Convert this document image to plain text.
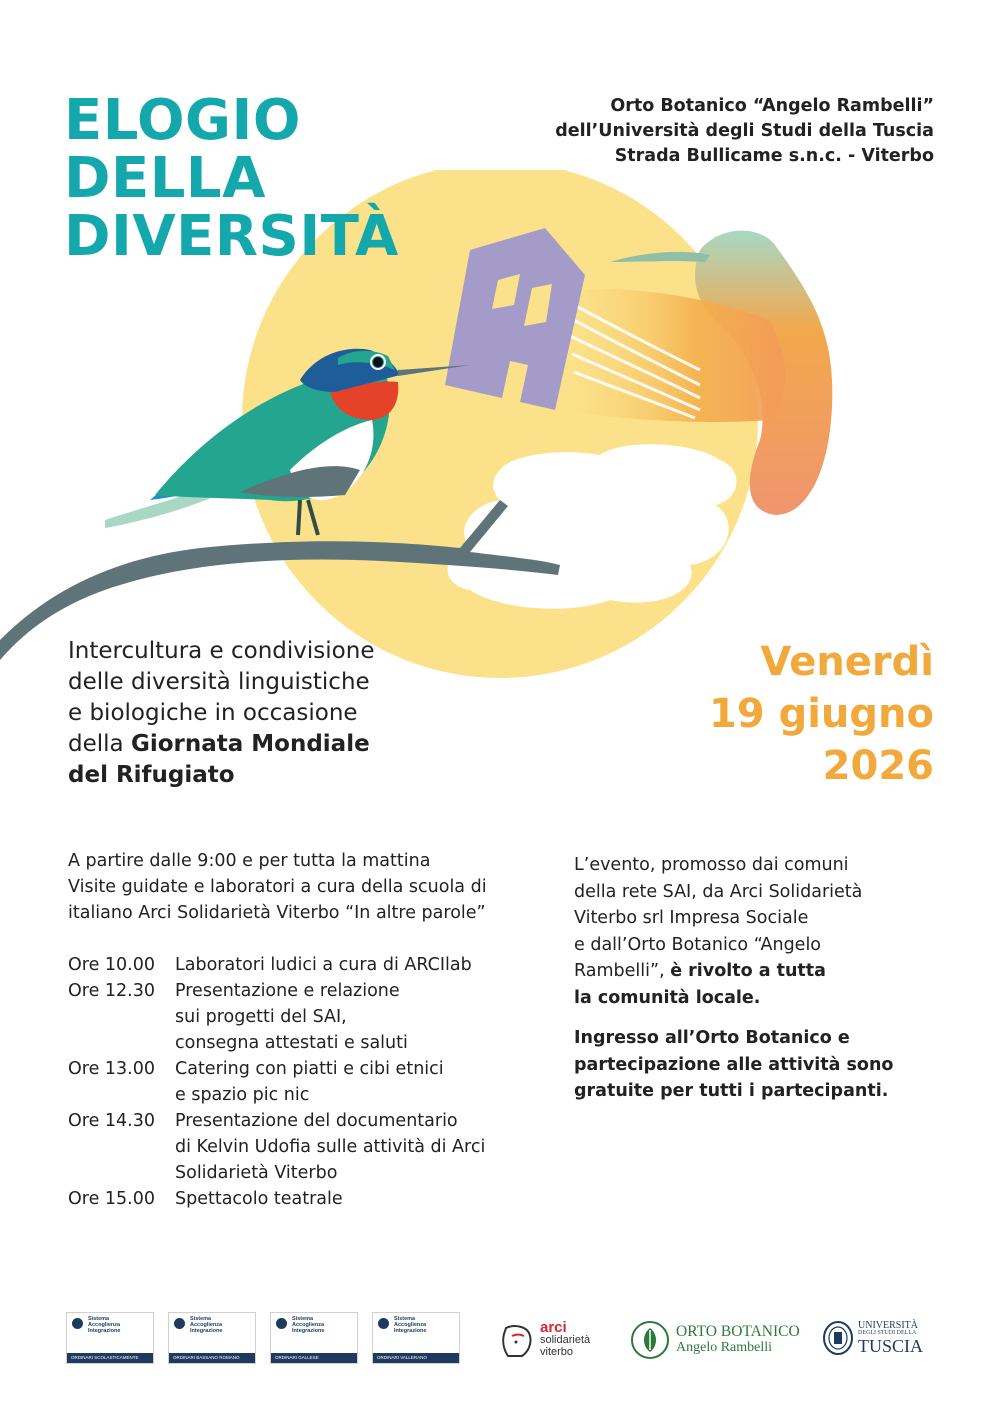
ELOGIO
DELLA
DIVERSITÀ
Orto Botanico “Angelo Rambelli”
dell’Università degli Studi della Tuscia
Strada Bullicame s.n.c. - Viterbo
Intercultura e condivisione
delle diversità linguistiche
e biologiche in occasione
della Giornata Mondiale
del Rifugiato
Venerdì
19 giugno
2026
A partire dalle 9:00 e per tutta la mattina
Visite guidate e laboratori a cura della scuola di
italiano Arci Solidarietà Viterbo “In altre parole”
Ore 10.00	Laboratori ludici a cura di ARCIlab
Ore 12.30	Presentazione e relazione
sui progetti del SAI,
consegna attestati e saluti
Ore 13.00	Catering con piatti e cibi etnici
e spazio pic nic
Ore 14.30	Presentazione del documentario
di Kelvin Udofia sulle attività di Arci
Solidarietà Viterbo
Ore 15.00	Spettacolo teatrale
L’evento, promosso dai comuni
della rete SAI, da Arci Solidarietà
Viterbo srl Impresa Sociale
e dall’Orto Botanico “Angelo
Rambelli”, è rivolto a tutta
la comunità locale.
Ingresso all’Orto Botanico e
partecipazione alle attività sono
gratuite per tutti i partecipanti.
Sistema
Accoglienza
Integrazione
ORDINARI SCOLASTICAMENTE
Sistema
Accoglienza
Integrazione
ORDINARI BASSANO ROMANO
Sistema
Accoglienza
Integrazione
ORDINARI GALLESE
Sistema
Accoglienza
Integrazione
ORDINARI VALLERANO
arci
solidarietà
viterbo
ORTO BOTANICO
Angelo Rambelli
UNIVERSITÀ
DEGLI STUDI DELLA
TUSCIA
